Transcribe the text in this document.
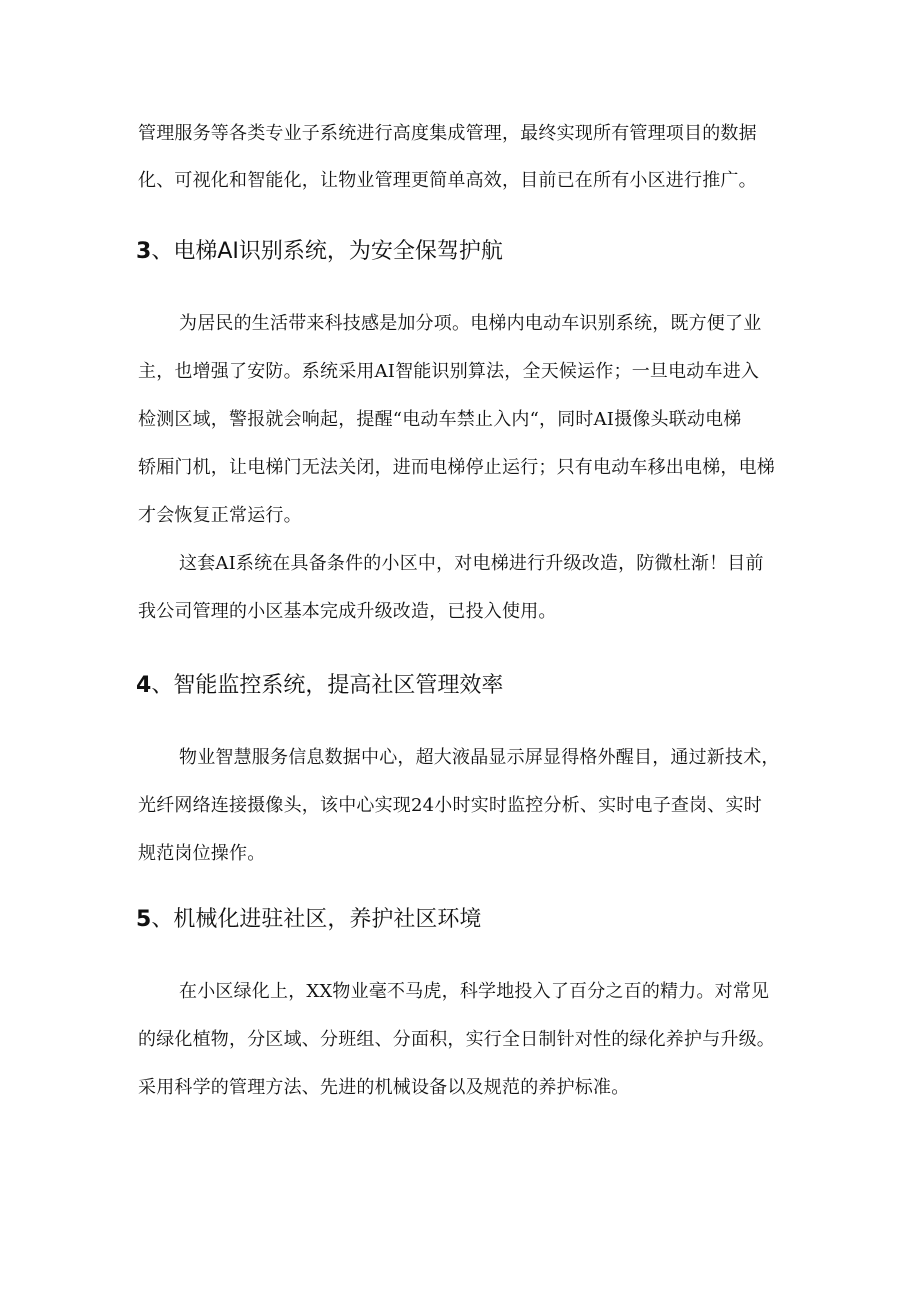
管理服务等各类专业子系统进行高度集成管理，最终实现所有管理项目的数据
化、可视化和智能化，让物业管理更简单高效，目前已在所有小区进行推广。
3、电梯AI识别系统，为安全保驾护航
为居民的生活带来科技感是加分项。电梯内电动车识别系统，既方便了业
主，也增强了安防。系统采用AI智能识别算法，全天候运作；一旦电动车进入
检测区域，警报就会响起，提醒“电动车禁止入内“，同时AI摄像头联动电梯
轿厢门机，让电梯门无法关闭，进而电梯停止运行；只有电动车移出电梯，电梯
才会恢复正常运行。
这套AI系统在具备条件的小区中，对电梯进行升级改造，防微杜渐！目前
我公司管理的小区基本完成升级改造，已投入使用。
4、智能监控系统，提高社区管理效率
物业智慧服务信息数据中心，超大液晶显示屏显得格外醒目，通过新技术，
光纤网络连接摄像头，该中心实现24小时实时监控分析、实时电子查岗、实时
规范岗位操作。
5、机械化进驻社区，养护社区环境
在小区绿化上，XX物业毫不马虎，科学地投入了百分之百的精力。对常见
的绿化植物，分区域、分班组、分面积，实行全日制针对性的绿化养护与升级。
采用科学的管理方法、先进的机械设备以及规范的养护标准。
